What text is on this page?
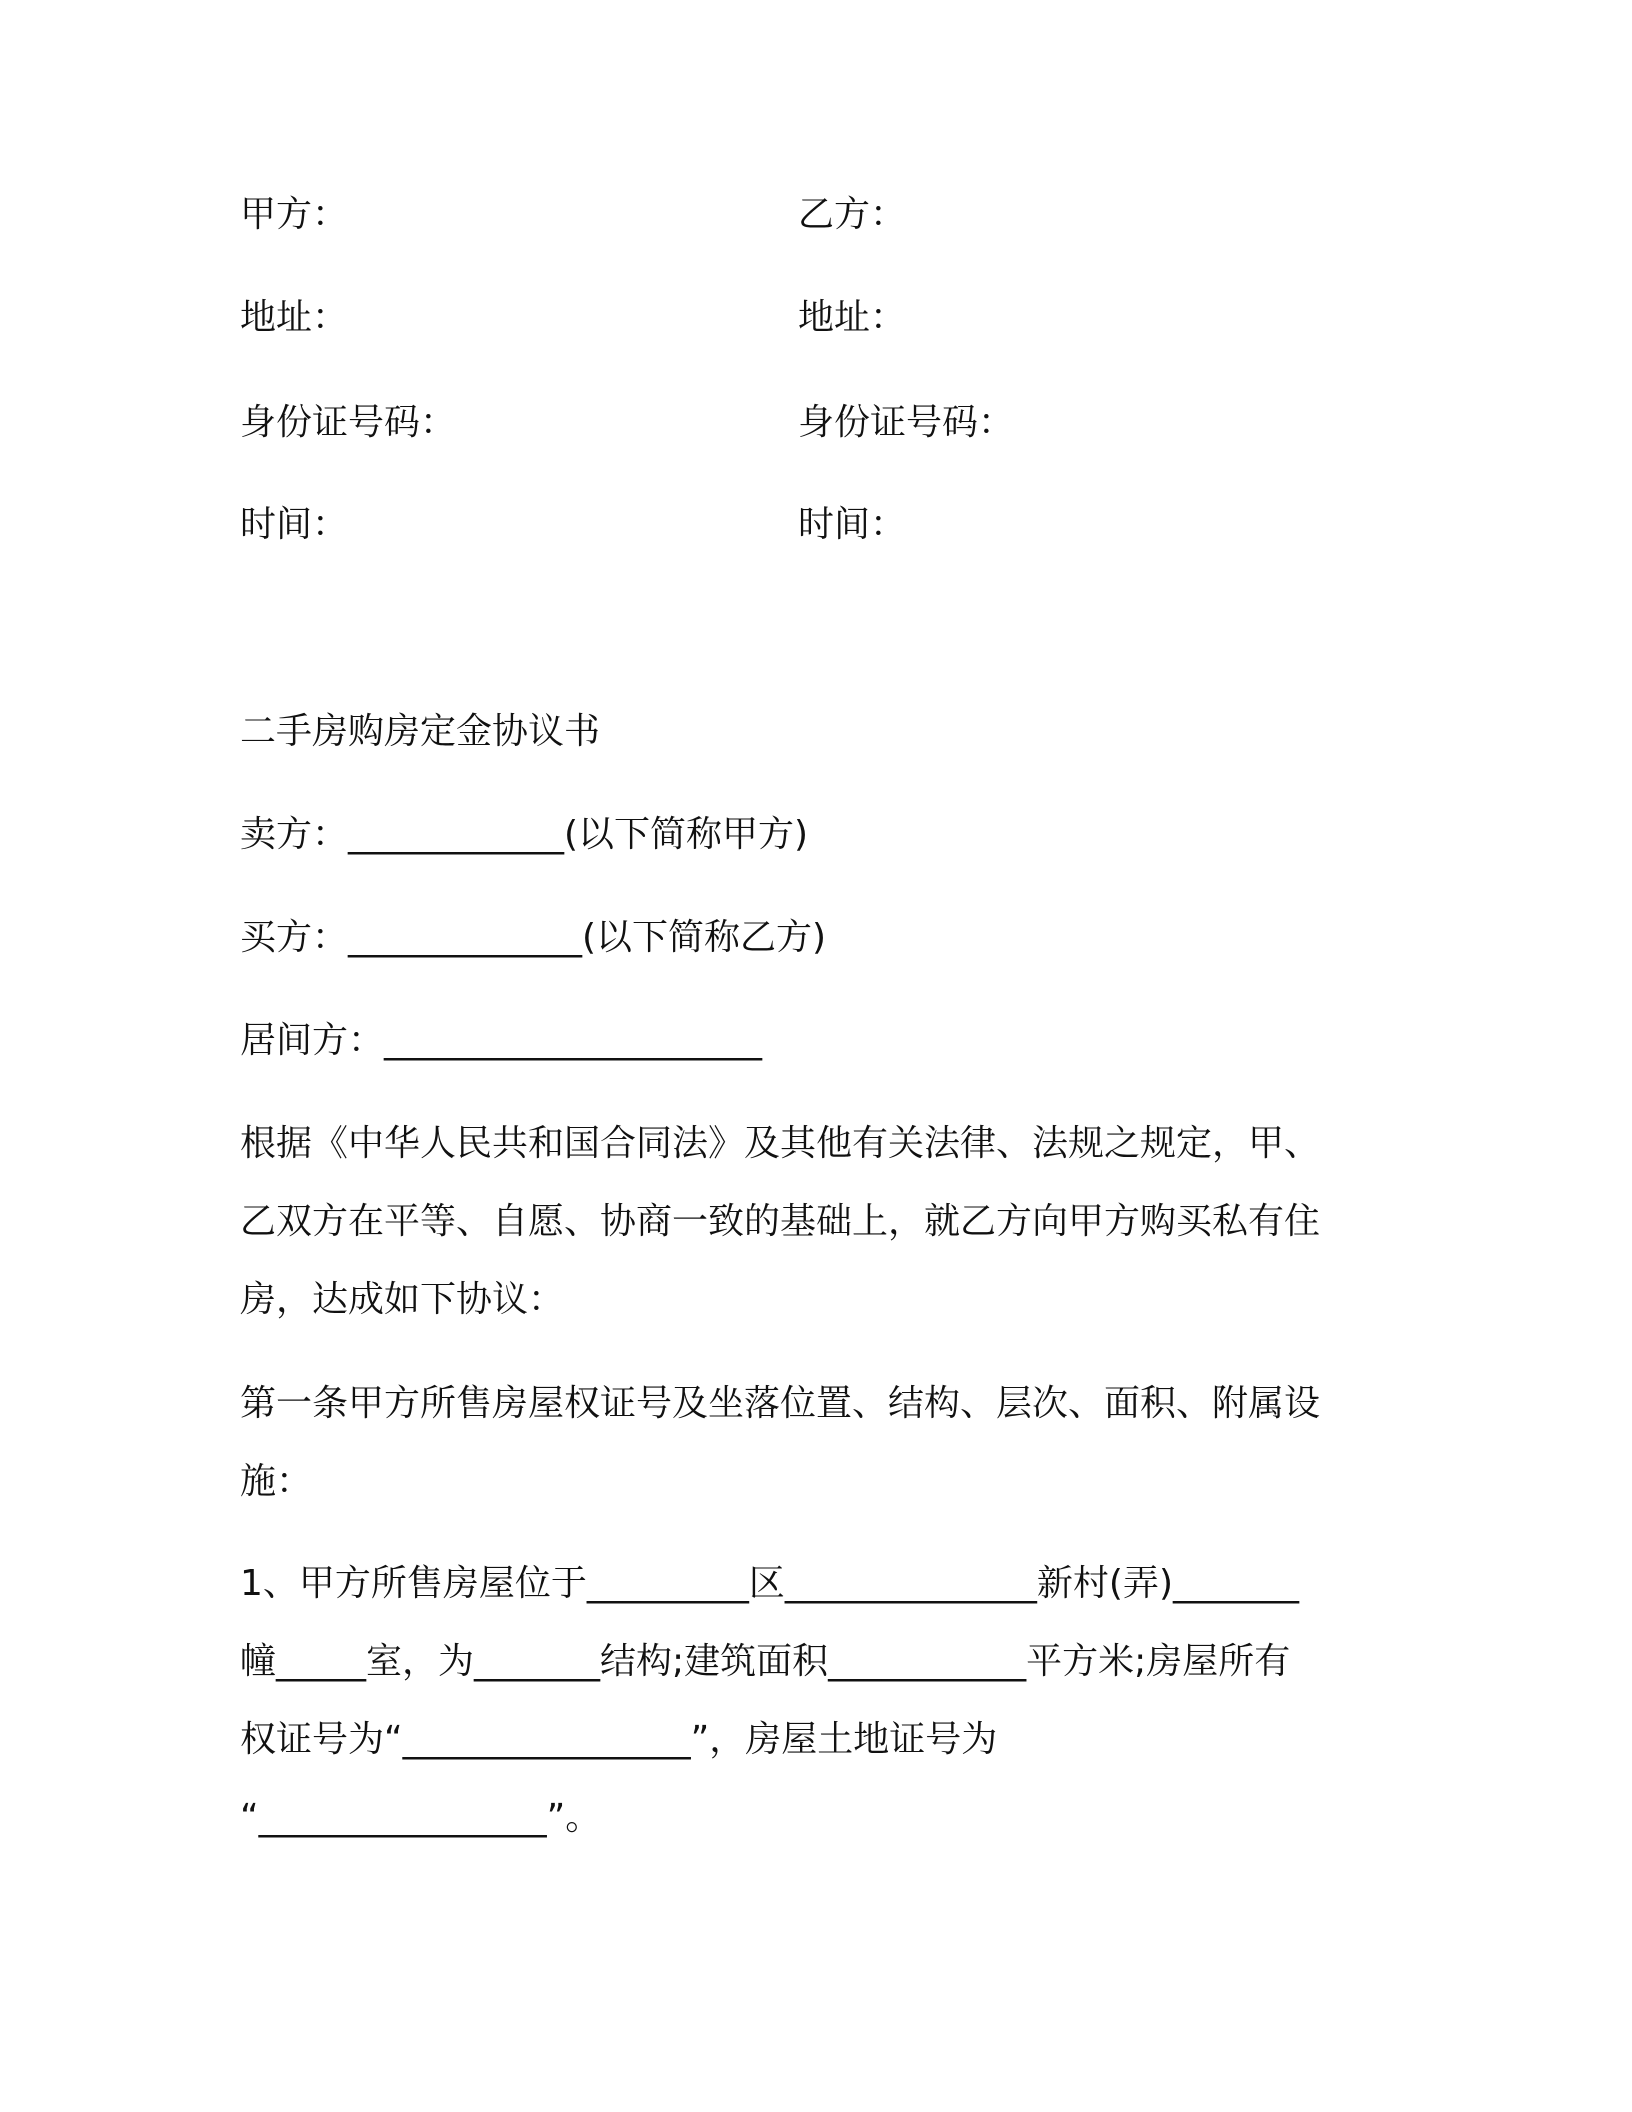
甲方：	乙方：
地址：	地址：
身份证号码：	身份证号码：
时间：	时间：
二手房购房定金协议书
卖方：____________(以下简称甲方)
买方：_____________(以下简称乙方)
居间方：_____________________
根据《中华人民共和国合同法》及其他有关法律、法规之规定，甲、
乙双方在平等、自愿、协商一致的基础上，就乙方向甲方购买私有住
房，达成如下协议：
第一条甲方所售房屋权证号及坐落位置、结构、层次、面积、附属设
施：
1、甲方所售房屋位于_________区______________新村(弄)_______
幢_____室，为_______结构;建筑面积___________平方米;房屋所有
权证号为“________________”，房屋土地证号为
“________________”。
